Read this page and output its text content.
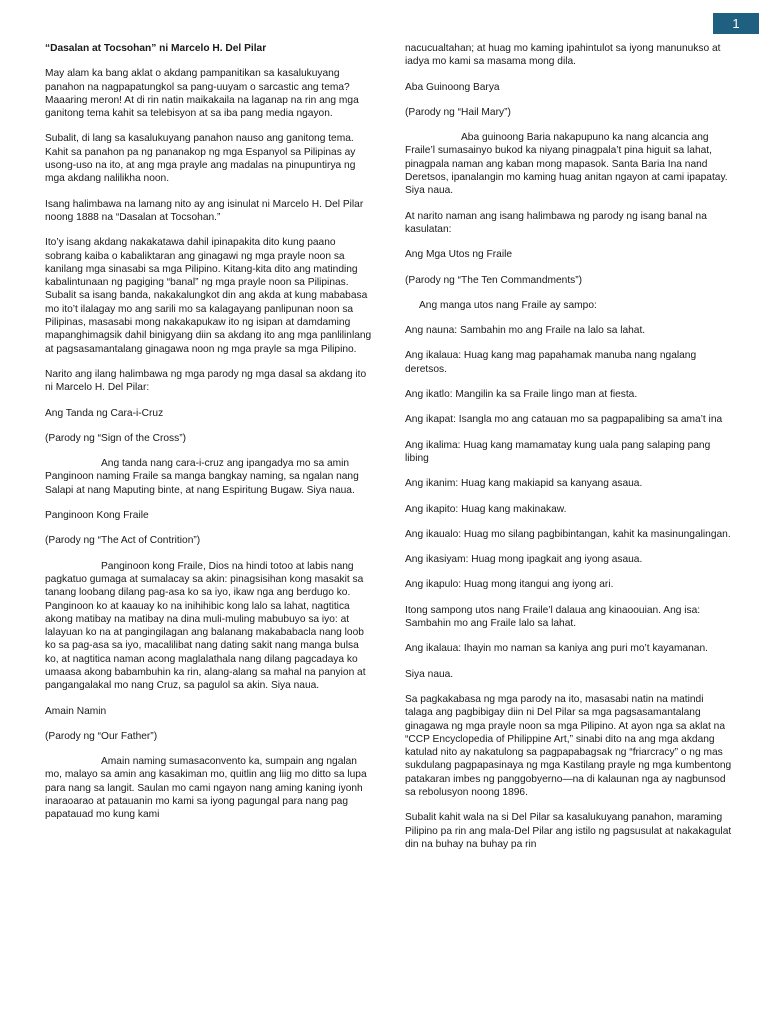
1

“Dasalan at Tocsohan” ni Marcelo H. Del Pilar

May alam ka bang aklat o akdang pampanitikan sa kasalukuyang panahon na nagpapatungkol sa pang-uuyam o sarcastic ang tema? Maaaring meron! At di rin natin maikakaila na laganap na rin ang mga ganitong tema kahit sa telebisyon at sa iba pang media ngayon.

Subalit, di lang sa kasalukuyang panahon nauso ang ganitong tema. Kahit sa panahon pa ng pananakop ng mga Espanyol sa Pilipinas ay usong-uso na ito, at ang mga prayle ang madalas na pinupuntirya ng mga akdang nalilikha noon.

Isang halimbawa na lamang nito ay ang isinulat ni Marcelo H. Del Pilar noong 1888 na “Dasalan at Tocsohan.”

Ito’y isang akdang nakakatawa dahil ipinapakita dito kung paano sobrang kaiba o kabaliktaran ang ginagawi ng mga prayle noon sa kanilang mga sinasabi sa mga Pilipino. Kitang-kita dito ang matinding kabalintunaan ng pagiging “banal” ng mga prayle noon sa Pilipinas. Subalit sa isang banda, nakakalungkot din ang akda at kung mababasa mo ito’t ilalagay mo ang sarili mo sa kalagayang panlipunan noon sa Pilipinas, masasabi mong nakakapukaw ito ng isipan at damdaming mapanghimagsik dahil binigyang diin sa akdang ito ang mga panlilinlang at pagsasamantalang ginagawa noon ng mga prayle sa mga Pilipino.

Narito ang ilang halimbawa ng mga parody ng mga dasal sa akdang ito ni Marcelo H. Del Pilar:

Ang Tanda ng Cara-i-Cruz

(Parody ng “Sign of the Cross”)

Ang tanda nang cara-i-cruz ang ipangadya mo sa amin Panginoon naming Fraile sa manga bangkay naming, sa ngalan nang Salapi at nang Maputing binte, at nang Espiritung Bugaw. Siya naua.

Panginoon Kong Fraile

(Parody ng “The Act of Contrition”)

Panginoon kong Fraile, Dios na hindi totoo at labis nang pagkatuo gumaga at sumalacay sa akin: pinagsisihan kong masakit sa tanang loobang dilang pag-asa ko sa iyo, ikaw nga ang berdugo ko. Panginoon ko at kaauay ko na inihihibic kong lalo sa lahat, nagtitica akong matibay na matibay na dina muli-muling mabubuyo sa iyo: at lalayuan ko na at pangingilagan ang balanang makababacla nang loob ko sa pag-asa sa iyo, macalilibat nang dating sakit nang manga bulsa ko, at nagtitica naman acong maglalathala nang dilang pagcadaya ko umaasa akong babambuhin ka rin, alang-alang sa mahal na panyion at pangangalakal mo nang Cruz, sa pagulol sa akin. Siya naua.

Amain Namin

(Parody ng “Our Father”)

Amain naming sumasaconvento ka, sumpain ang ngalan mo, malayo sa amin ang kasakiman mo, quitlin ang liig mo ditto sa lupa para nang sa langit. Saulan mo cami ngayon nang aming kaning iyonh inaraoarao at patauanin mo kami sa iyong pagungal para nang pag papatauad mo kung kami

nacucualtahan; at huag mo kaming ipahintulot sa iyong manunukso at iadya mo kami sa masama mong dila.

Aba Guinoong Barya

(Parody ng “Hail Mary”)

Aba guinoong Baria nakapupuno ka nang alcancia ang Fraile’l sumasainyo bukod ka niyang pinagpala’t pina higuit sa lahat, pinagpala naman ang kaban mong mapasok. Santa Baria Ina nand Deretsos, ipanalangin mo kaming huag anitan ngayon at cami ipapatay. Siya naua.

At narito naman ang isang halimbawa ng parody ng isang banal na kasulatan:

Ang Mga Utos ng Fraile

(Parody ng “The Ten Commandments”)

Ang manga utos nang Fraile ay sampo:

Ang nauna: Sambahin mo ang Fraile na lalo sa lahat.

Ang ikalaua: Huag kang mag papahamak manuba nang ngalang deretsos.

Ang ikatlo: Mangilin ka sa Fraile lingo man at fiesta.

Ang ikapat: Isangla mo ang catauan mo sa pagpapalibing sa ama’t ina

Ang ikalima: Huag kang mamamatay kung uala pang salaping pang libing

Ang ikanim: Huag kang makiapid sa kanyang asaua.

Ang ikapito: Huag kang makinakaw.

Ang ikaualo: Huag mo silang pagbibintangan, kahit ka masinungalingan.

Ang ikasiyam: Huag mong ipagkait ang iyong asaua.

Ang ikapulo: Huag mong itangui ang iyong ari.

Itong sampong utos nang Fraile’l dalaua ang kinaoouian. Ang isa: Sambahin mo ang Fraile lalo sa lahat.

Ang ikalaua: Ihayin mo naman sa kaniya ang puri mo’t kayamanan.

Siya naua.

Sa pagkakabasa ng mga parody na ito, masasabi natin na matindi talaga ang pagbibigay diin ni Del Pilar sa mga pagsasamantalang ginagawa ng mga prayle noon sa mga Pilipino. At ayon nga sa aklat na “CCP Encyclopedia of Philippine Art,” sinabi dito na ang mga akdang katulad nito ay nakatulong sa pagpapabagsak ng “friarcracy” o ng mas sukdulang pagpapasinaya ng mga Kastilang prayle ng mga kumbentong patakaran imbes ng panggobyerno—na di kalaunan nga ay nagbunsod sa rebolusyon noong 1896.

Subalit kahit wala na si Del Pilar sa kasalukuyang panahon, maraming Pilipino pa rin ang mala-Del Pilar ang istilo ng pagsusulat at nakakagulat din na buhay na buhay pa rin
